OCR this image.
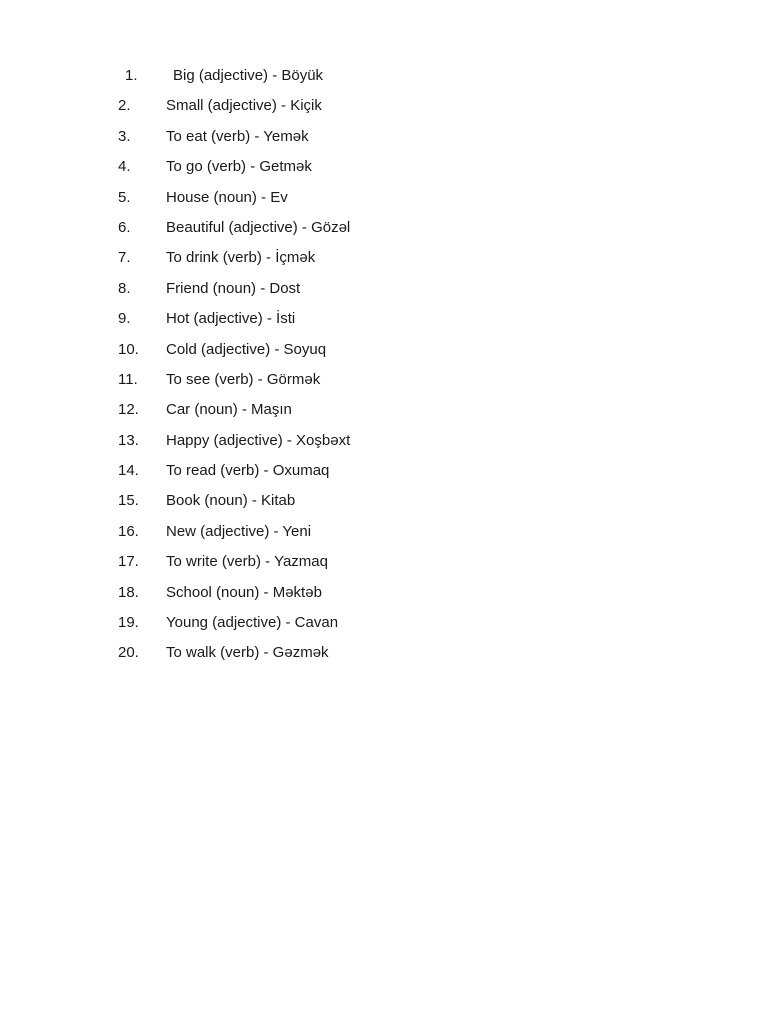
1.	Big (adjective) - Böyük
2.	Small (adjective) - Kiçik
3.	To eat (verb) - Yemək
4.	To go (verb) - Getmək
5.	House (noun) - Ev
6.	Beautiful (adjective) - Gözəl
7.	To drink (verb) - İçmək
8.	Friend (noun) - Dost
9.	Hot (adjective) - İsti
10.	Cold (adjective) - Soyuq
11.	To see (verb) - Görmək
12.	Car (noun) - Maşın
13.	Happy (adjective) - Xoşbəxt
14.	To read (verb) - Oxumaq
15.	Book (noun) - Kitab
16.	New (adjective) - Yeni
17.	To write (verb) - Yazmaq
18.	School (noun) - Məktəb
19.	Young (adjective) - Cavan
20.	To walk (verb) - Gəzmək
